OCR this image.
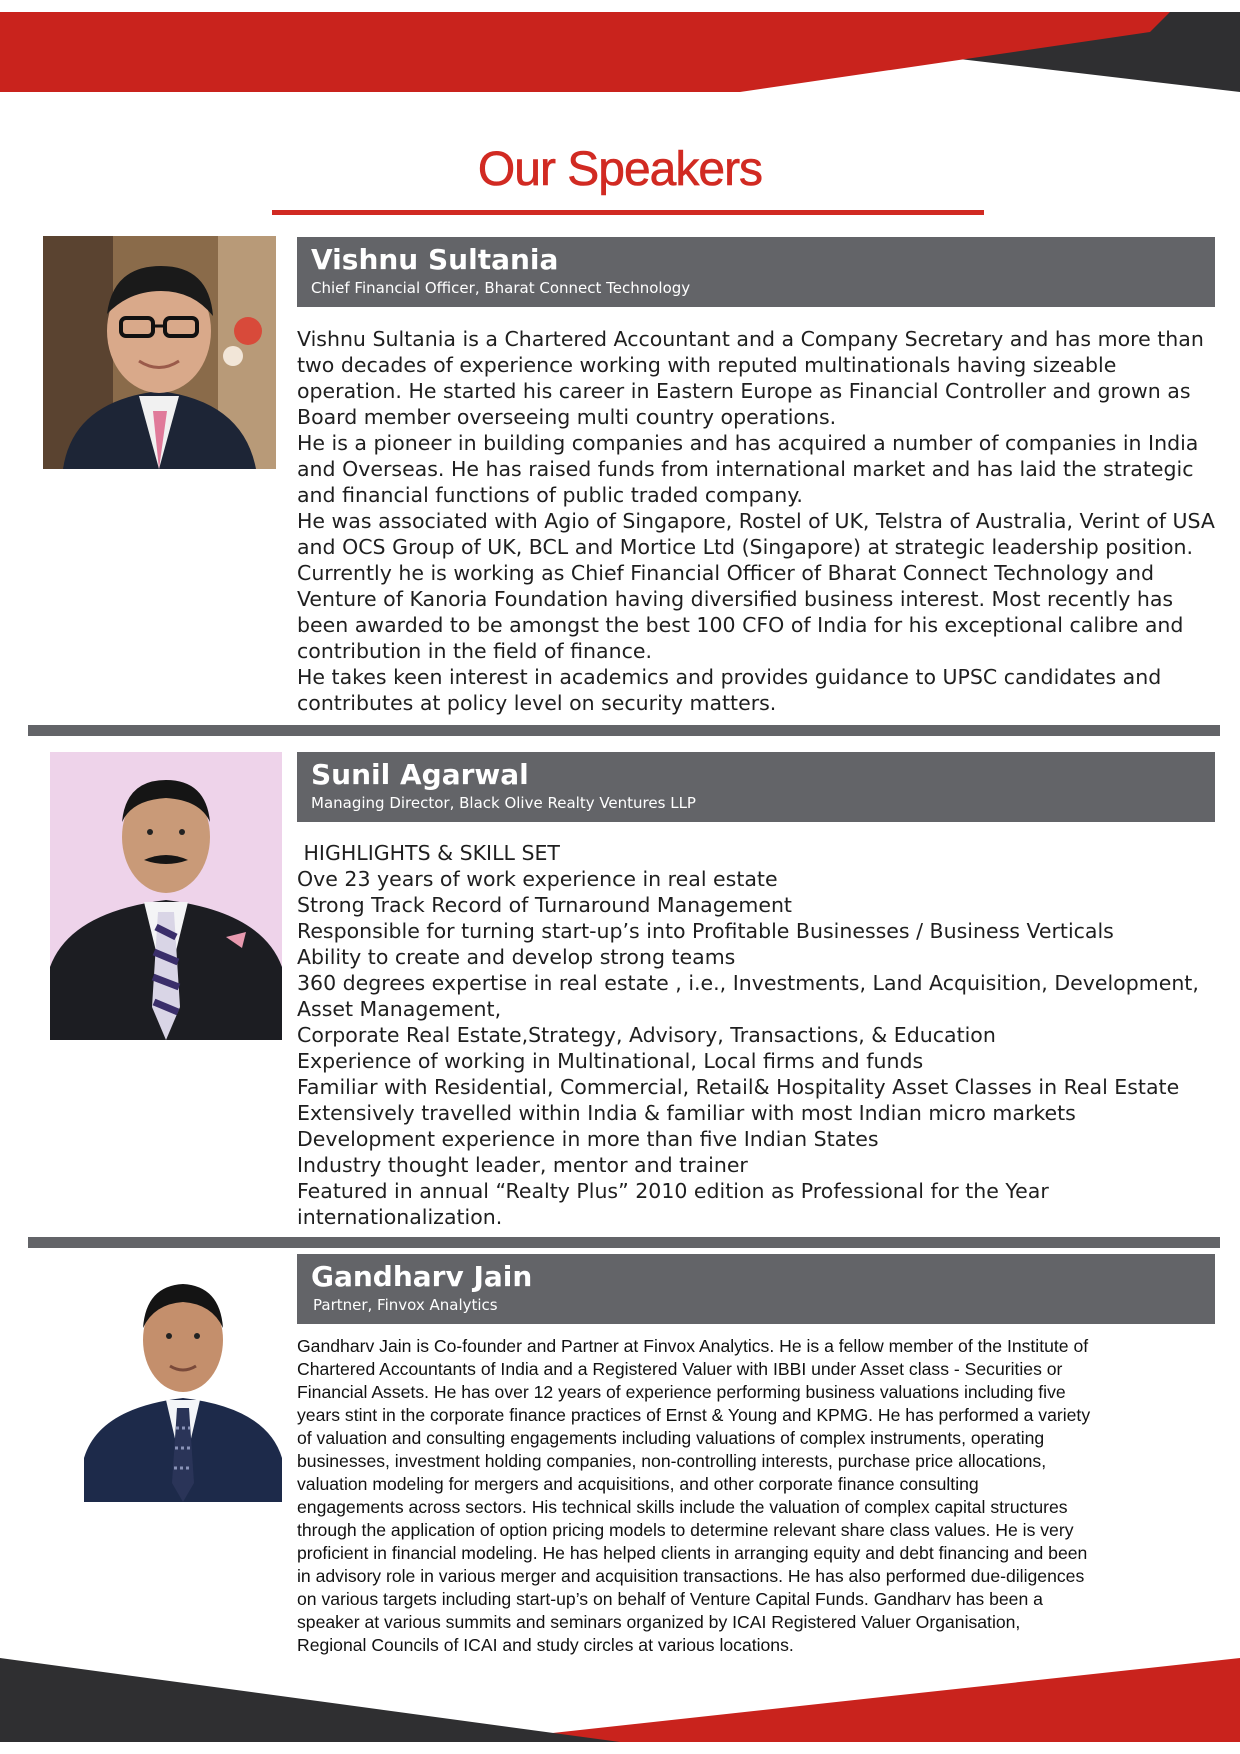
Our Speakers
Vishnu Sultania
Chief Financial Officer, Bharat Connect Technology

Vishnu Sultania is a Chartered Accountant and a Company Secretary and has more than

two decades of experience working with reputed multinationals having sizeable

operation. He started his career in Eastern Europe as Financial Controller and grown as

Board member overseeing multi country operations.

He is a pioneer in building companies and has acquired a number of companies in India

and Overseas. He has raised funds from international market and has laid the strategic

and financial functions of public traded company.

He was associated with Agio of Singapore, Rostel of UK, Telstra of Australia, Verint of USA

and OCS Group of UK, BCL and Mortice Ltd (Singapore) at strategic leadership position.

Currently he is working as Chief Financial Officer of Bharat Connect Technology and

Venture of Kanoria Foundation having diversified business interest. Most recently has

been awarded to be amongst the best 100 CFO of India for his exceptional calibre and

contribution in the field of finance.

He takes keen interest in academics and provides guidance to UPSC candidates and

contributes at policy level on security matters.

Sunil Agarwal
Managing Director, Black Olive Realty Ventures LLP

HIGHLIGHTS & SKILL SET

Ove 23 years of work experience in real estate

Strong Track Record of Turnaround Management

Responsible for turning start-up’s into Profitable Businesses / Business Verticals

Ability to create and develop strong teams

360 degrees expertise in real estate , i.e., Investments, Land Acquisition, Development,

Asset Management,

Corporate Real Estate,Strategy, Advisory, Transactions, & Education

Experience of working in Multinational, Local firms and funds

Familiar with Residential, Commercial, Retail& Hospitality Asset Classes in Real Estate

Extensively travelled within India & familiar with most Indian micro markets

Development experience in more than five Indian States

Industry thought leader, mentor and trainer

Featured in annual “Realty Plus” 2010 edition as Professional for the Year

internationalization.

Gandharv Jain
Partner, Finvox Analytics

Gandharv Jain is Co-founder and Partner at Finvox Analytics. He is a fellow member of the Institute of

Chartered Accountants of India and a Registered Valuer with IBBI under Asset class - Securities or

Financial Assets. He has over 12 years of experience performing business valuations including five

years stint in the corporate finance practices of Ernst & Young and KPMG. He has performed a variety

of valuation and consulting engagements including valuations of complex instruments, operating

businesses, investment holding companies, non-controlling interests, purchase price allocations,

valuation modeling for mergers and acquisitions, and other corporate finance consulting

engagements across sectors. His technical skills include the valuation of complex capital structures

through the application of option pricing models to determine relevant share class values. He is very

proficient in financial modeling. He has helped clients in arranging equity and debt financing and been

in advisory role in various merger and acquisition transactions. He has also performed due-diligences

on various targets including start-up’s on behalf of Venture Capital Funds. Gandharv has been a

speaker at various summits and seminars organized by ICAI Registered Valuer Organisation,

Regional Councils of ICAI and study circles at various locations.
